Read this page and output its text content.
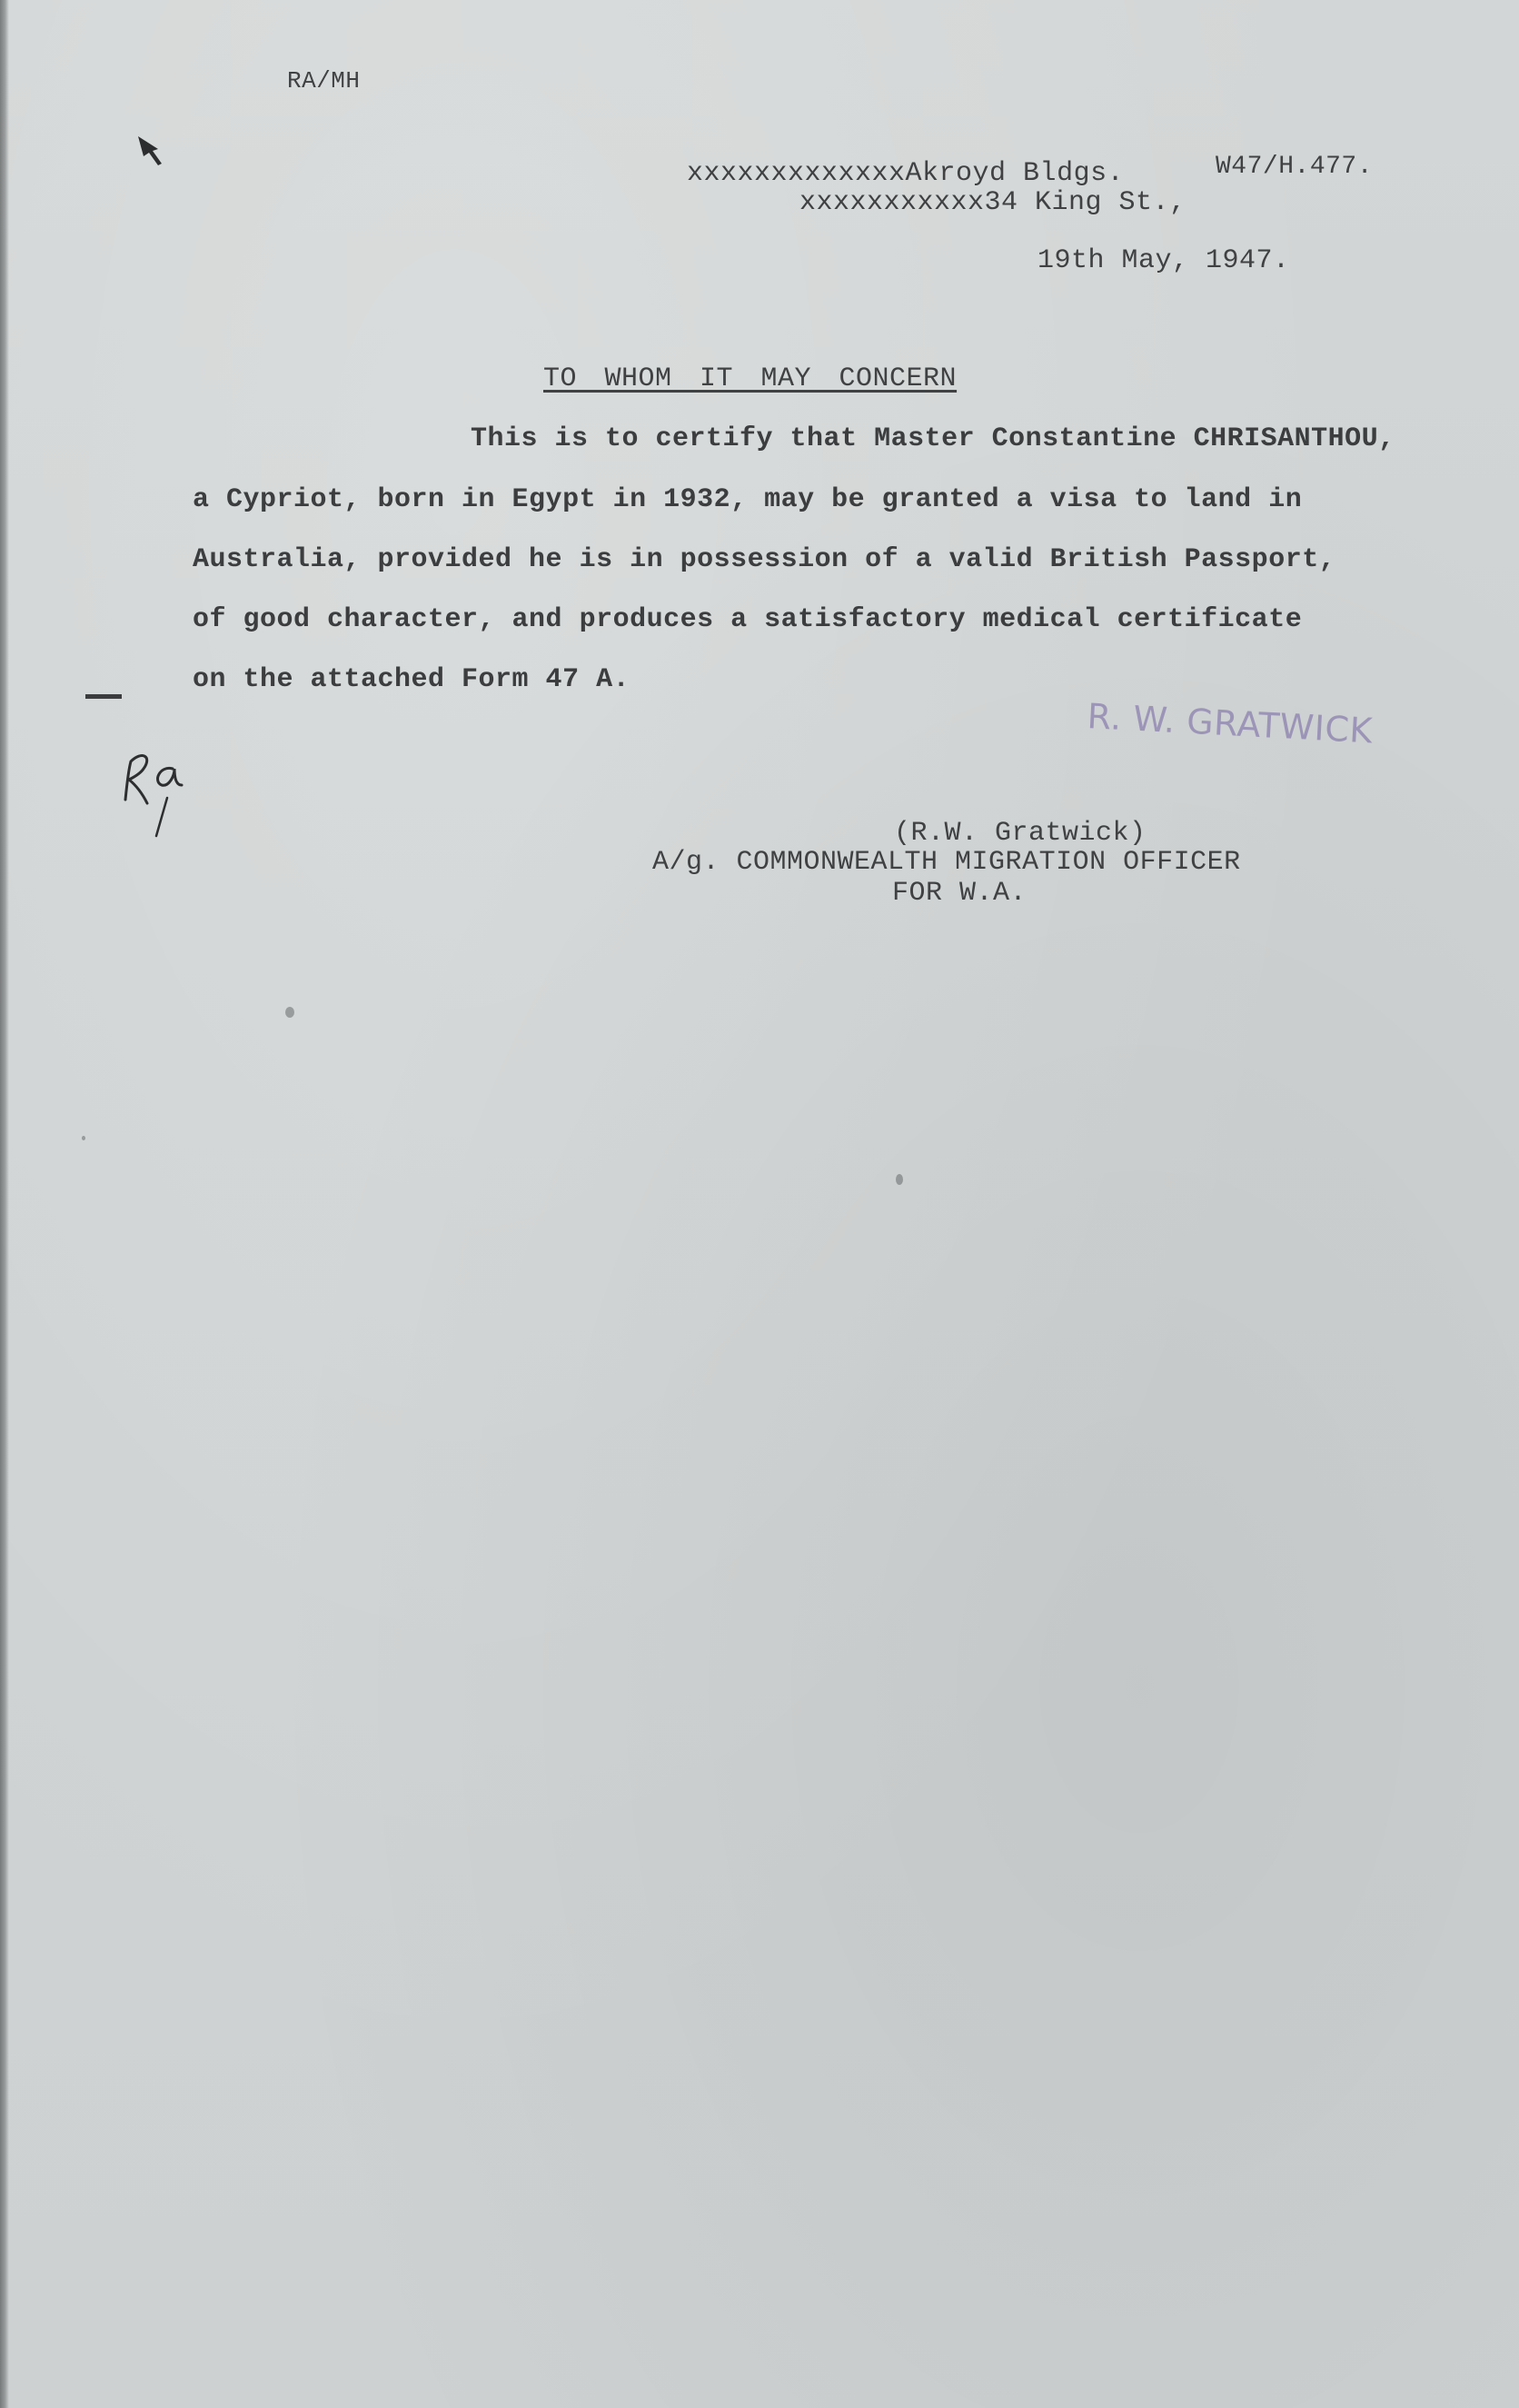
RA/MH
xxxxxxxxxxxxxAkroyd Bldgs.	W47/H.477.
xxxxxxxxxxx34 King St.,
19th May, 1947.
TO WHOM IT MAY CONCERN
This is to certify that Master Constantine CHRISANTHOU,
a Cypriot, born in Egypt in 1932, may be granted a visa to land in
Australia, provided he is in possession of a valid British Passport,
of good character, and produces a satisfactory medical certificate
on the attached Form 47 A.
R. W. GRATWICK
(R.W. Gratwick)
A/g. COMMONWEALTH MIGRATION OFFICER
FOR W.A.
